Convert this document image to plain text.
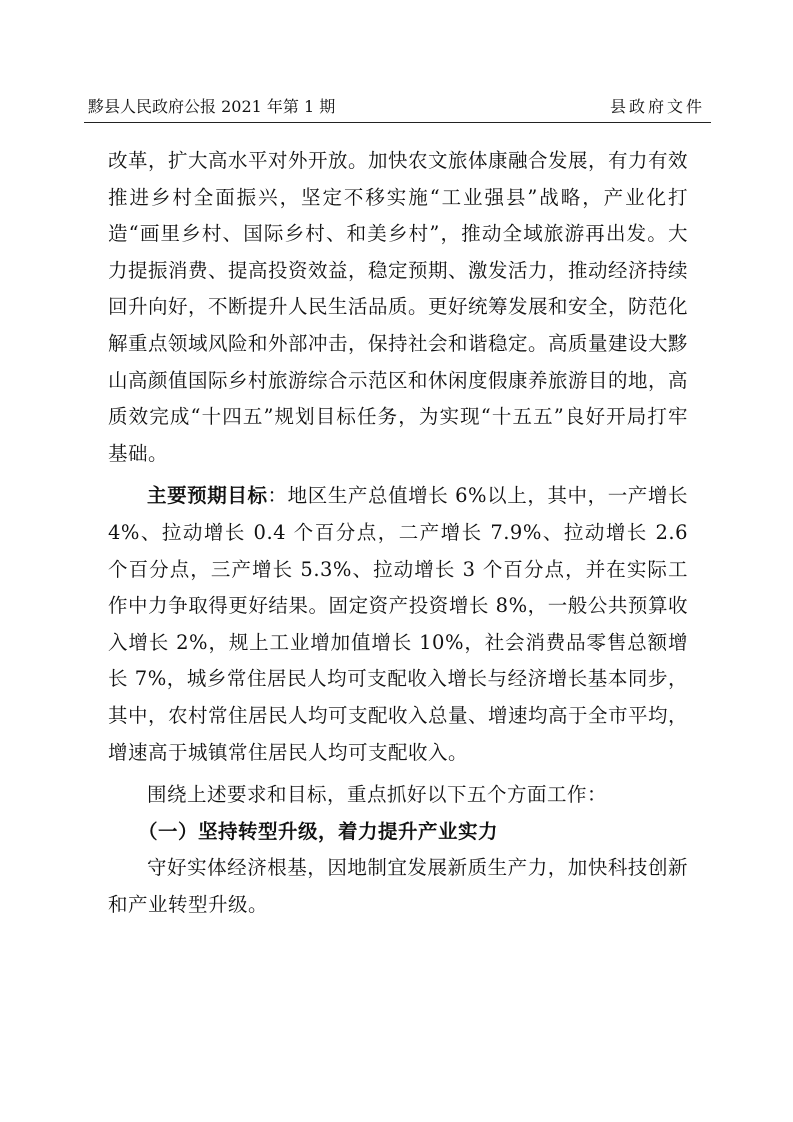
黟县人民政府公报 2021 年第 1 期	县政府文件

改革，扩大高水平对外开放。加快农文旅体康融合发展，有力有效推进乡村全面振兴，坚定不移实施“工业强县”战略，产业化打造“画里乡村、国际乡村、和美乡村”，推动全域旅游再出发。大力提振消费、提高投资效益，稳定预期、激发活力，推动经济持续回升向好，不断提升人民生活品质。更好统筹发展和安全，防范化解重点领域风险和外部冲击，保持社会和谐稳定。高质量建设大黟山高颜值国际乡村旅游综合示范区和休闲度假康养旅游目的地，高质效完成“十四五”规划目标任务，为实现“十五五”良好开局打牢基础。

主要预期目标：地区生产总值增长 6%以上，其中，一产增长 4%、拉动增长 0.4 个百分点，二产增长 7.9%、拉动增长 2.6 个百分点，三产增长 5.3%、拉动增长 3 个百分点，并在实际工作中力争取得更好结果。固定资产投资增长 8%，一般公共预算收入增长 2%，规上工业增加值增长 10%，社会消费品零售总额增长 7%，城乡常住居民人均可支配收入增长与经济增长基本同步，其中，农村常住居民人均可支配收入总量、增速均高于全市平均，增速高于城镇常住居民人均可支配收入。

围绕上述要求和目标，重点抓好以下五个方面工作：

（一）坚持转型升级，着力提升产业实力

守好实体经济根基，因地制宜发展新质生产力，加快科技创新和产业转型升级。
